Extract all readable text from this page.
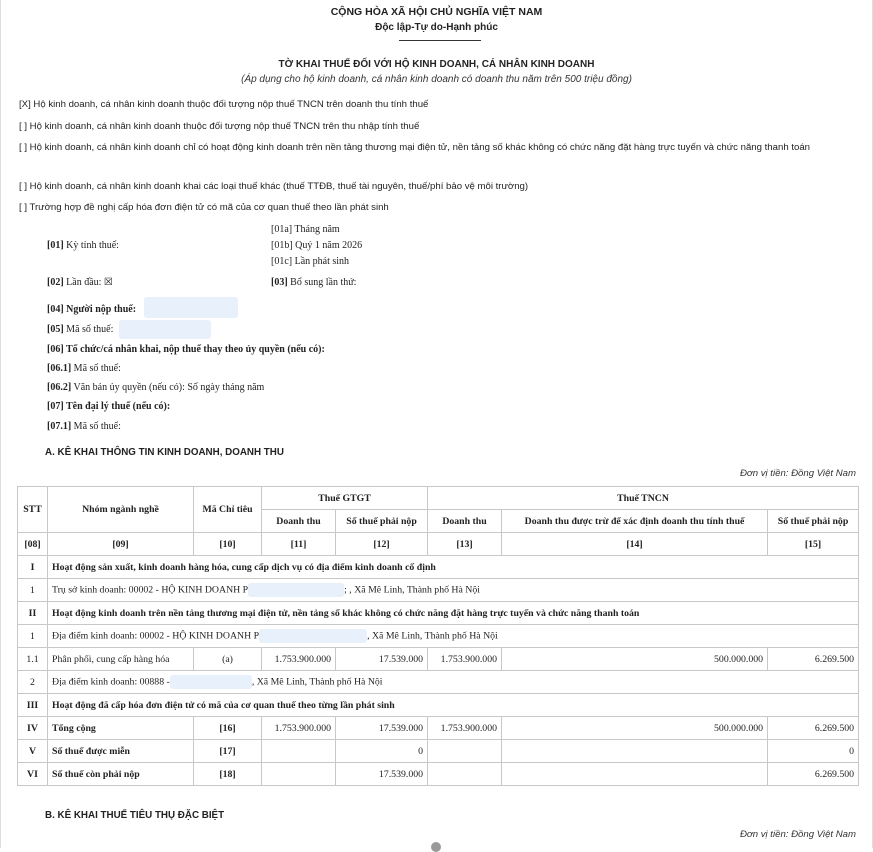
CỘNG HÒA XÃ HỘI CHỦ NGHĨA VIỆT NAM
Độc lập-Tự do-Hạnh phúc
TỜ KHAI THUẾ ĐỐI VỚI HỘ KINH DOANH, CÁ NHÂN KINH DOANH
(Áp dụng cho hộ kinh doanh, cá nhân kinh doanh có doanh thu năm trên 500 triệu đồng)
[X] Hộ kinh doanh, cá nhân kinh doanh thuộc đối tượng nộp thuế TNCN trên doanh thu tính thuế
[ ] Hộ kinh doanh, cá nhân kinh doanh thuộc đối tượng nộp thuế TNCN trên thu nhập tính thuế
[ ] Hộ kinh doanh, cá nhân kinh doanh chỉ có hoạt động kinh doanh trên nền tảng thương mại điện tử, nền tảng số khác không có chức năng đặt hàng trực tuyến và chức năng thanh toán
[ ] Hộ kinh doanh, cá nhân kinh doanh khai các loại thuế khác (thuế TTĐB, thuế tài nguyên, thuế/phí bảo vệ môi trường)
[ ] Trường hợp đề nghị cấp hóa đơn điện tử có mã của cơ quan thuế theo lần phát sinh
[01] Kỳ tính thuế:
[01a] Tháng năm
[01b] Quý 1 năm 2026
[01c] Lần phát sinh
[02] Lần đầu: ☒	[03] Bổ sung lần thứ:
[04] Người nộp thuế:
[05] Mã số thuế:
[06] Tổ chức/cá nhân khai, nộp thuế thay theo ủy quyền (nếu có):
[06.1] Mã số thuế:
[06.2] Văn bản ủy quyền (nếu có): Số ngày tháng năm
[07] Tên đại lý thuế (nếu có):
[07.1] Mã số thuế:
A. KÊ KHAI THÔNG TIN KINH DOANH, DOANH THU
Đơn vị tiền: Đồng Việt Nam
STT	Nhóm ngành nghề	Mã Chỉ tiêu	Thuế GTGT		Thuế TNCN		
			Doanh thu	Số thuế phải nộp	Doanh thu	Doanh thu được trừ để xác định doanh thu tính thuế	Số thuế phải nộp
[08]	[09]	[10]	[11]	[12]	[13]	[14]	[15]
I	Hoạt động sản xuất, kinh doanh hàng hóa, cung cấp dịch vụ có địa điểm kinh doanh cố định						
1	Trụ sở kinh doanh: 00002 - HỘ KINH DOANH P ; , Xã Mê Linh, Thành phố Hà Nội						
II	Hoạt động kinh doanh trên nền tảng thương mại điện tử, nền tảng số khác không có chức năng đặt hàng trực tuyến và chức năng thanh toán						
1	Địa điểm kinh doanh: 00002 - HỘ KINH DOANH P , Xã Mê Linh, Thành phố Hà Nội						
1.1	Phân phối, cung cấp hàng hóa	(a)	1.753.900.000	17.539.000	1.753.900.000	500.000.000	6.269.500
2	Địa điểm kinh doanh: 00888 - , Xã Mê Linh, Thành phố Hà Nội						
III	Hoạt động đã cấp hóa đơn điện tử có mã của cơ quan thuế theo từng lần phát sinh						
IV	Tổng cộng	[16]	1.753.900.000	17.539.000	1.753.900.000	500.000.000	6.269.500
V	Số thuế được miễn	[17]		0			0
VI	Số thuế còn phải nộp	[18]		17.539.000			6.269.500
B. KÊ KHAI THUẾ TIÊU THỤ ĐẶC BIỆT
Đơn vị tiền: Đồng Việt Nam
